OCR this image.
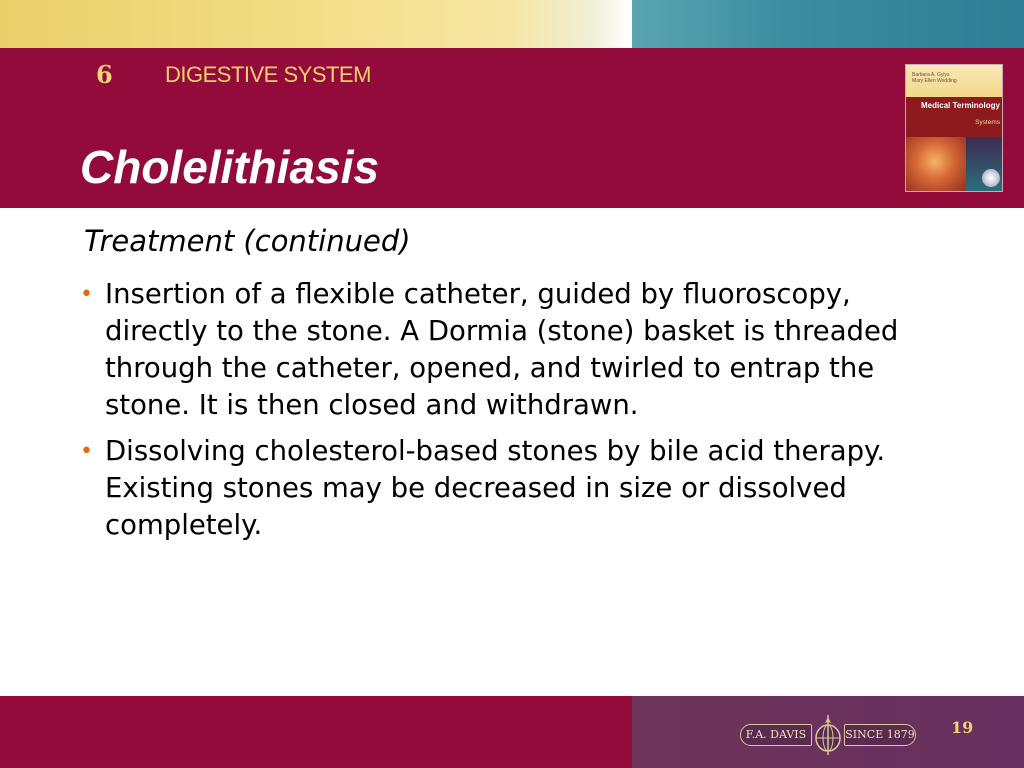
6 DIGESTIVE SYSTEM
Cholelithiasis
Barbara A. Gylys
Mary Ellen Wedding
Medical Terminology
Systems
Treatment (continued)
• Insertion of a flexible catheter, guided by fluoroscopy, directly to the stone. A Dormia (stone) basket is threaded through the catheter, opened, and twirled to entrap the stone. It is then closed and withdrawn.
• Dissolving cholesterol-based stones by bile acid therapy. Existing stones may be decreased in size or dissolved completely.
F.A. DAVIS	SINCE 1879 19
